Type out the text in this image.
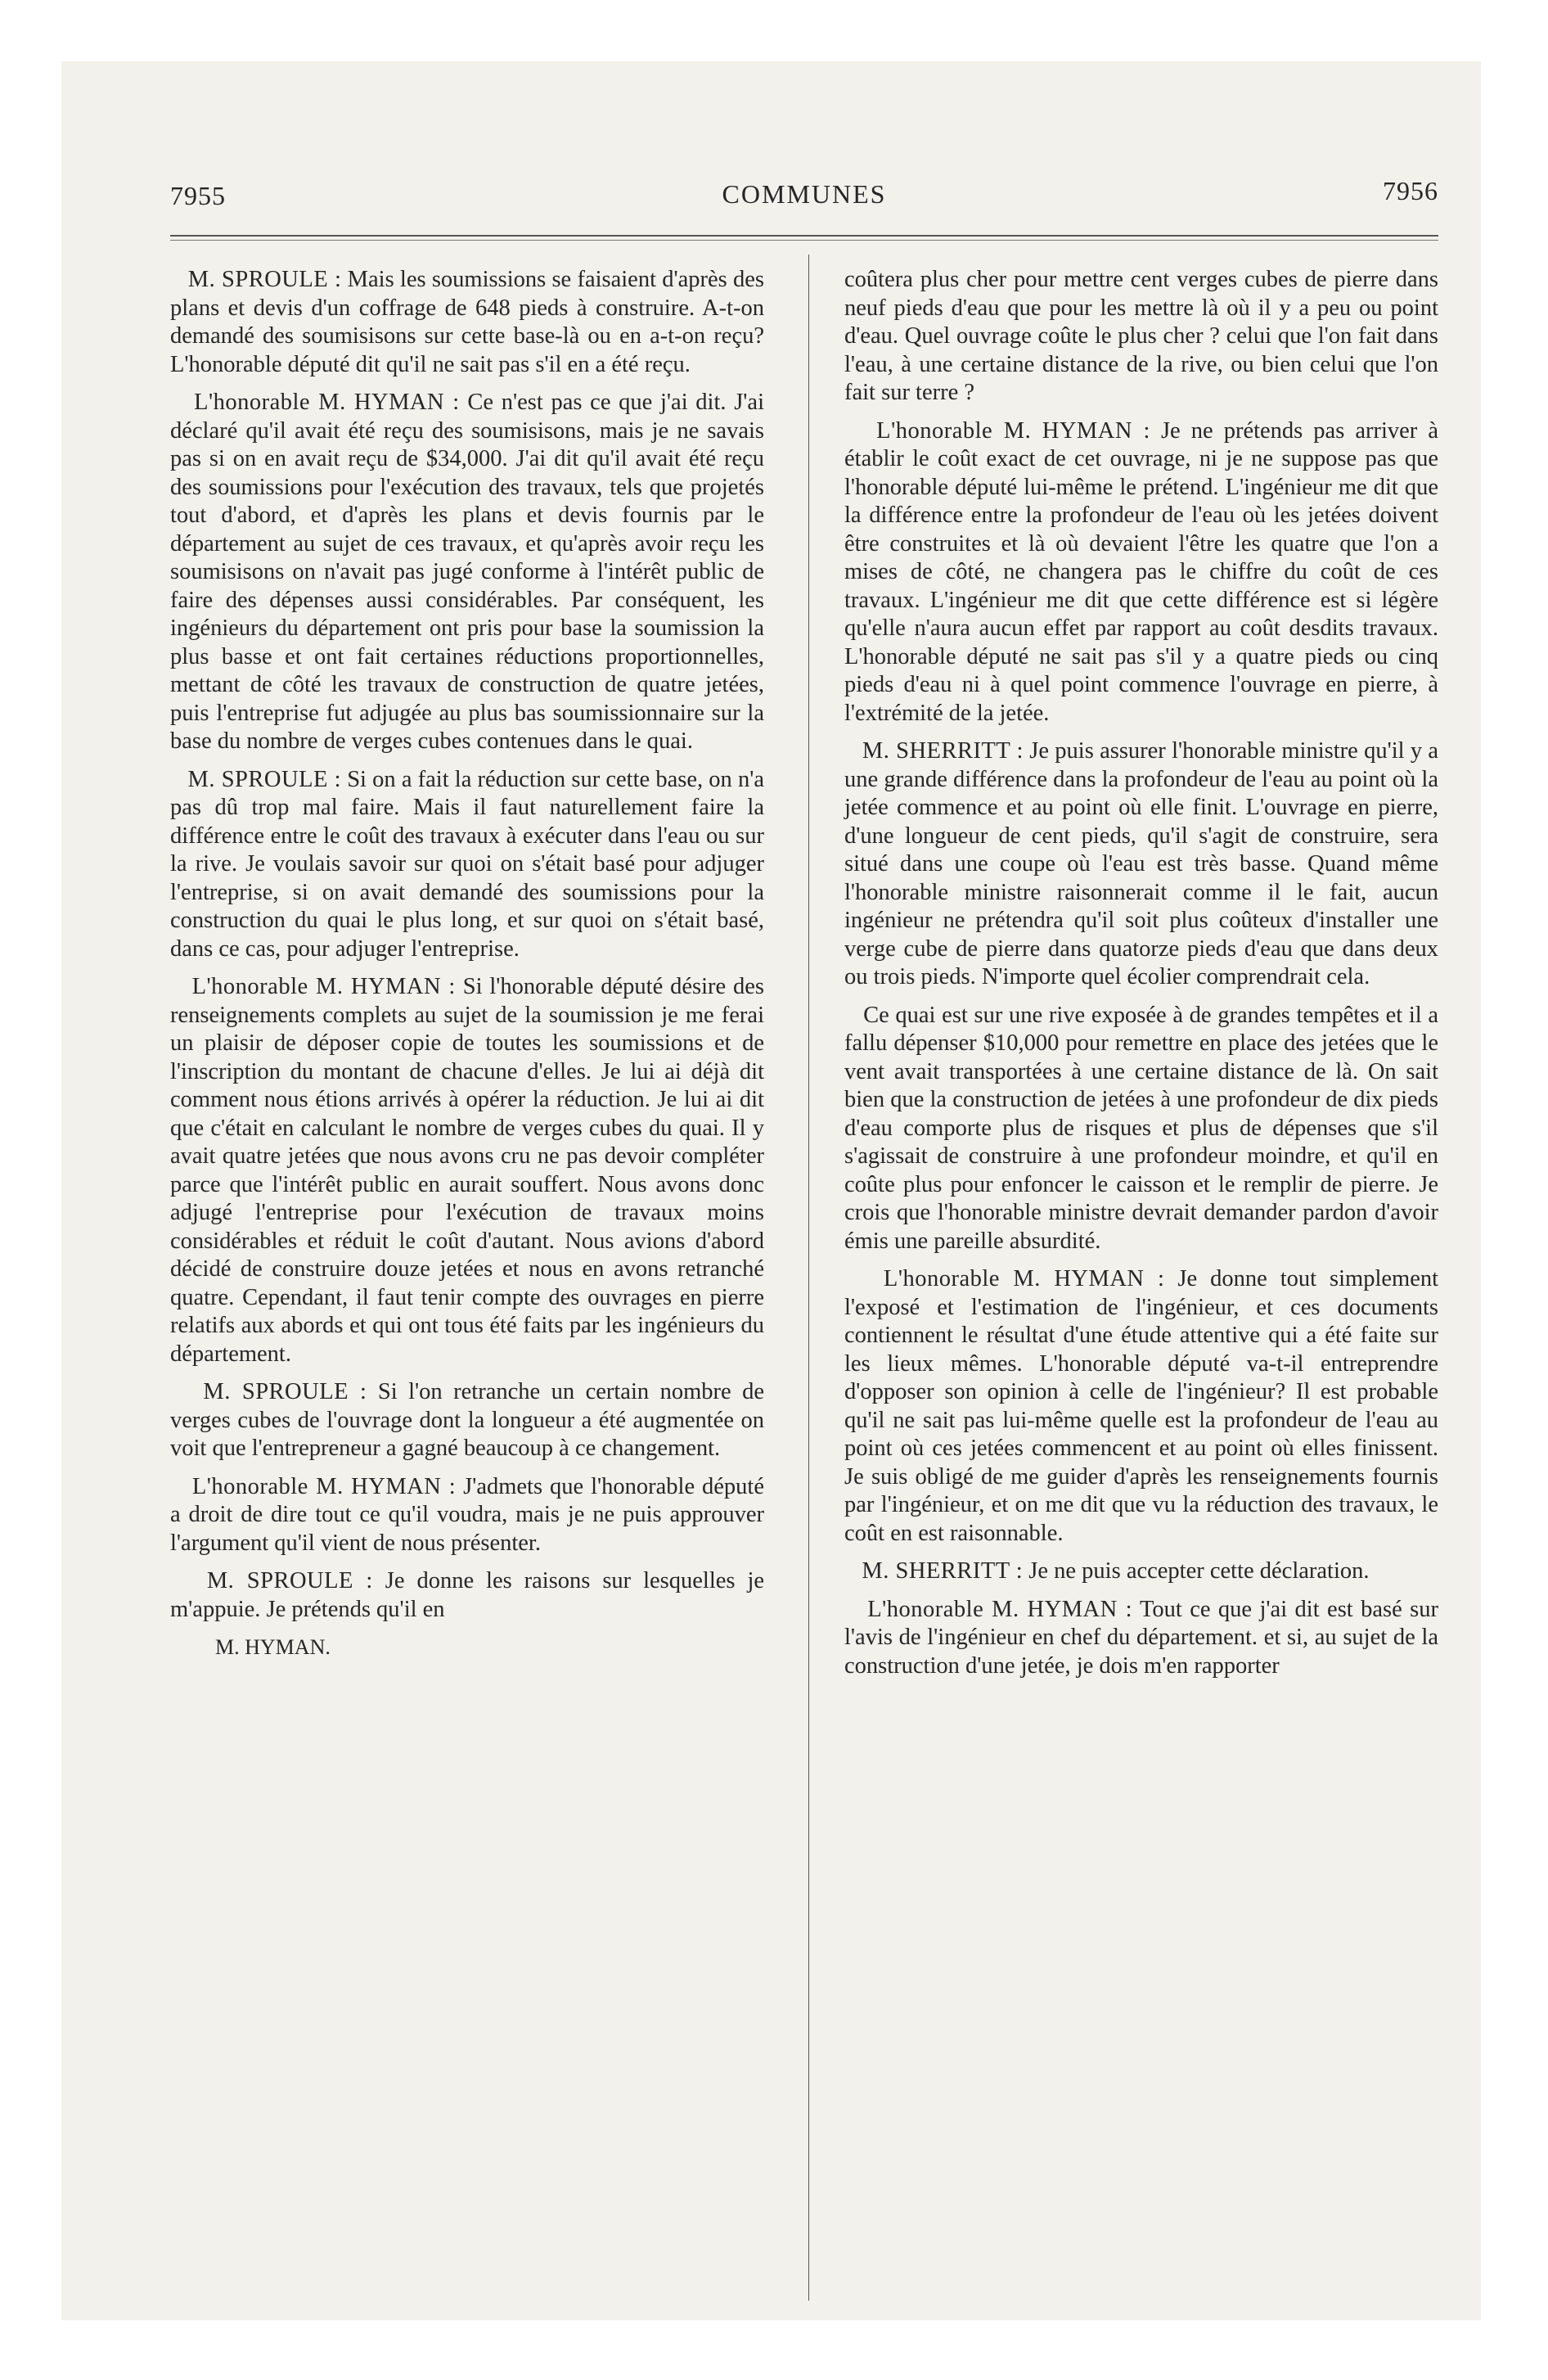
7955	COMMUNES	7956

M. SPROULE : Mais les soumissions se faisaient d'après des plans et devis d'un coffrage de 648 pieds à construire. A-t-on demandé des soumisisons sur cette base-là ou en a-t-on reçu? L'honorable député dit qu'il ne sait pas s'il en a été reçu.

L'honorable M. HYMAN : Ce n'est pas ce que j'ai dit. J'ai déclaré qu'il avait été reçu des soumisisons, mais je ne savais pas si on en avait reçu de $34,000. J'ai dit qu'il avait été reçu des soumissions pour l'exécution des travaux, tels que projetés tout d'abord, et d'après les plans et devis fournis par le département au sujet de ces travaux, et qu'après avoir reçu les soumisisons on n'avait pas jugé conforme à l'intérêt public de faire des dépenses aussi considérables. Par conséquent, les ingénieurs du département ont pris pour base la soumission la plus basse et ont fait certaines réductions proportionnelles, mettant de côté les travaux de construction de quatre jetées, puis l'entreprise fut adjugée au plus bas soumissionnaire sur la base du nombre de verges cubes contenues dans le quai.

M. SPROULE : Si on a fait la réduction sur cette base, on n'a pas dû trop mal faire. Mais il faut naturellement faire la différence entre le coût des travaux à exécuter dans l'eau ou sur la rive. Je voulais savoir sur quoi on s'était basé pour adjuger l'entreprise, si on avait demandé des soumissions pour la construction du quai le plus long, et sur quoi on s'était basé, dans ce cas, pour adjuger l'entreprise.

L'honorable M. HYMAN : Si l'honorable député désire des renseignements complets au sujet de la soumission je me ferai un plaisir de déposer copie de toutes les soumissions et de l'inscription du montant de chacune d'elles. Je lui ai déjà dit comment nous étions arrivés à opérer la réduction. Je lui ai dit que c'était en calculant le nombre de verges cubes du quai. Il y avait quatre jetées que nous avons cru ne pas devoir compléter parce que l'intérêt public en aurait souffert. Nous avons donc adjugé l'entreprise pour l'exécution de travaux moins considérables et réduit le coût d'autant. Nous avions d'abord décidé de construire douze jetées et nous en avons retranché quatre. Cependant, il faut tenir compte des ouvrages en pierre relatifs aux abords et qui ont tous été faits par les ingénieurs du département.

M. SPROULE : Si l'on retranche un certain nombre de verges cubes de l'ouvrage dont la longueur a été augmentée on voit que l'entrepreneur a gagné beaucoup à ce changement.

L'honorable M. HYMAN : J'admets que l'honorable député a droit de dire tout ce qu'il voudra, mais je ne puis approuver l'argument qu'il vient de nous présenter.

M. SPROULE : Je donne les raisons sur lesquelles je m'appuie. Je prétends qu'il en

M. HYMAN.

coûtera plus cher pour mettre cent verges cubes de pierre dans neuf pieds d'eau que pour les mettre là où il y a peu ou point d'eau. Quel ouvrage coûte le plus cher ? celui que l'on fait dans l'eau, à une certaine distance de la rive, ou bien celui que l'on fait sur terre ?

L'honorable M. HYMAN : Je ne prétends pas arriver à établir le coût exact de cet ouvrage, ni je ne suppose pas que l'honorable député lui-même le prétend. L'ingénieur me dit que la différence entre la profondeur de l'eau où les jetées doivent être construites et là où devaient l'être les quatre que l'on a mises de côté, ne changera pas le chiffre du coût de ces travaux. L'ingénieur me dit que cette différence est si légère qu'elle n'aura aucun effet par rapport au coût desdits travaux. L'honorable député ne sait pas s'il y a quatre pieds ou cinq pieds d'eau ni à quel point commence l'ouvrage en pierre, à l'extrémité de la jetée.

M. SHERRITT : Je puis assurer l'honorable ministre qu'il y a une grande différence dans la profondeur de l'eau au point où la jetée commence et au point où elle finit. L'ouvrage en pierre, d'une longueur de cent pieds, qu'il s'agit de construire, sera situé dans une coupe où l'eau est très basse. Quand même l'honorable ministre raisonnerait comme il le fait, aucun ingénieur ne prétendra qu'il soit plus coûteux d'installer une verge cube de pierre dans quatorze pieds d'eau que dans deux ou trois pieds. N'importe quel écolier comprendrait cela.

Ce quai est sur une rive exposée à de grandes tempêtes et il a fallu dépenser $10,000 pour remettre en place des jetées que le vent avait transportées à une certaine distance de là. On sait bien que la construction de jetées à une profondeur de dix pieds d'eau comporte plus de risques et plus de dépenses que s'il s'agissait de construire à une profondeur moindre, et qu'il en coûte plus pour enfoncer le caisson et le remplir de pierre. Je crois que l'honorable ministre devrait demander pardon d'avoir émis une pareille absurdité.

L'honorable M. HYMAN : Je donne tout simplement l'exposé et l'estimation de l'ingénieur, et ces documents contiennent le résultat d'une étude attentive qui a été faite sur les lieux mêmes. L'honorable député va-t-il entreprendre d'opposer son opinion à celle de l'ingénieur? Il est probable qu'il ne sait pas lui-même quelle est la profondeur de l'eau au point où ces jetées commencent et au point où elles finissent. Je suis obligé de me guider d'après les renseignements fournis par l'ingénieur, et on me dit que vu la réduction des travaux, le coût en est raisonnable.

M. SHERRITT : Je ne puis accepter cette déclaration.

L'honorable M. HYMAN : Tout ce que j'ai dit est basé sur l'avis de l'ingénieur en chef du département. et si, au sujet de la construction d'une jetée, je dois m'en rapporter
